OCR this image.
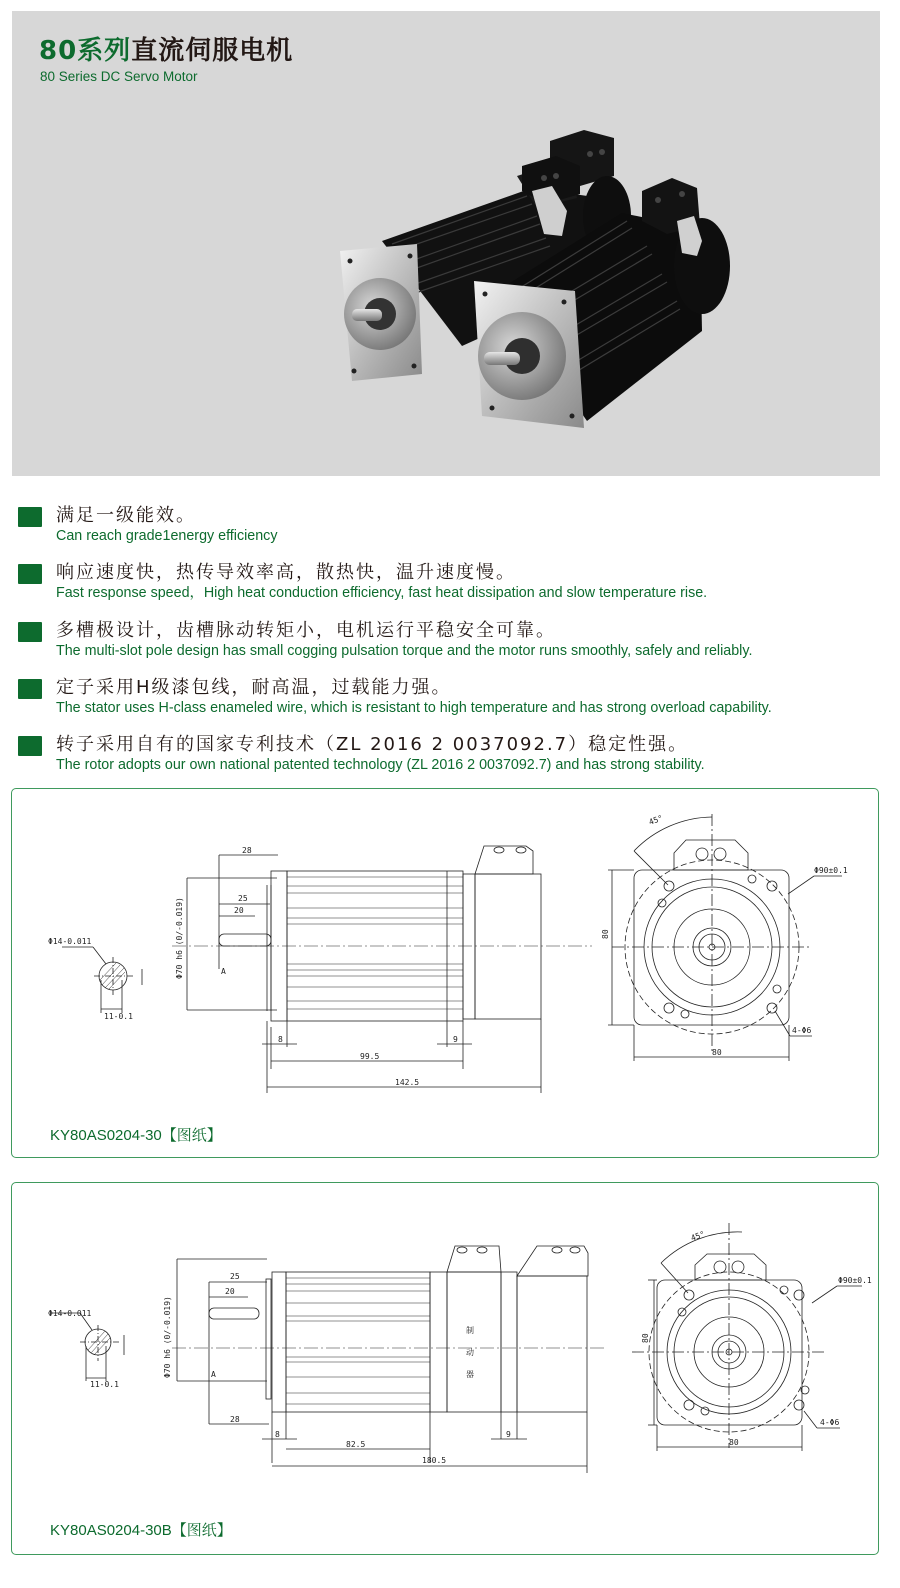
80系列直流伺服电机
80 Series DC Servo Motor
满足一级能效。
Can reach grade1energy efficiency
响应速度快，热传导效率高，散热快，温升速度慢。
Fast response speed，High heat conduction efficiency, fast heat dissipation and slow temperature rise.
多槽极设计，齿槽脉动转矩小，电机运行平稳安全可靠。
The multi-slot pole design has small cogging pulsation torque and the motor runs smoothly, safely and reliably.
定子采用H级漆包线，耐高温，过载能力强。
The stator uses H-class enameled wire, which is resistant to high temperature and has strong overload capability.
转子采用自有的国家专利技术（ZL 2016 2 0037092.7）稳定性强。
The rotor adopts our own national patented technology (ZL 2016 2 0037092.7) and has strong stability.
Φ14-0.011
11-0.1
28
25
20
A
Φ70 h6 (0/-0.019)
8	9
99.5
142.5
45°
Φ90±0.1
80
80
4-Φ6
KY80AS0204-30【图纸】
Φ14-0.011
11-0.1
25
20
A
28
Φ70 h6 (0/-0.019)
8	9
82.5
180.5
制
动
器
45°
Φ90±0.1
80
80
4-Φ6
KY80AS0204-30B【图纸】
